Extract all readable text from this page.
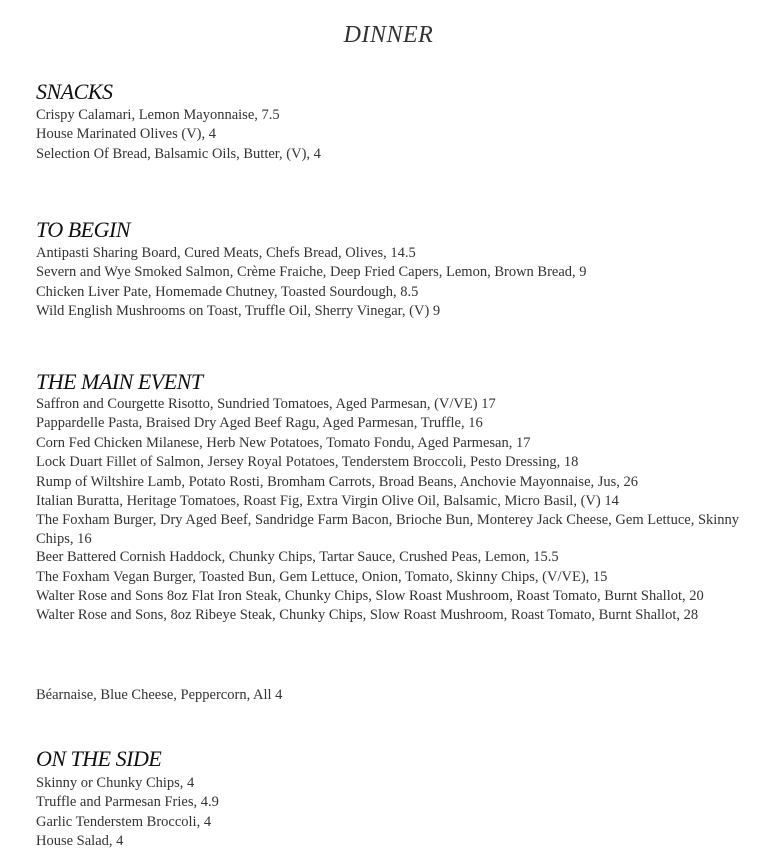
DINNER
SNACKS
Crispy Calamari, Lemon Mayonnaise, 7.5
House Marinated Olives (V), 4
Selection Of Bread, Balsamic Oils, Butter, (V), 4
TO BEGIN
Antipasti Sharing Board, Cured Meats, Chefs Bread, Olives, 14.5
Severn and Wye Smoked Salmon, Crème Fraiche, Deep Fried Capers, Lemon, Brown Bread, 9
Chicken Liver Pate, Homemade Chutney, Toasted Sourdough, 8.5
Wild English Mushrooms on Toast, Truffle Oil, Sherry Vinegar, (V) 9
THE MAIN EVENT
Saffron and Courgette Risotto, Sundried Tomatoes, Aged Parmesan, (V/VE) 17
Pappardelle Pasta, Braised Dry Aged Beef Ragu, Aged Parmesan, Truffle, 16
Corn Fed Chicken Milanese, Herb New Potatoes, Tomato Fondu, Aged Parmesan, 17
Lock Duart Fillet of Salmon, Jersey Royal Potatoes, Tenderstem Broccoli, Pesto Dressing, 18
Rump of Wiltshire Lamb, Potato Rosti, Bromham Carrots, Broad Beans, Anchovie Mayonnaise, Jus, 26
Italian Buratta, Heritage Tomatoes, Roast Fig, Extra Virgin Olive Oil, Balsamic, Micro Basil, (V) 14
The Foxham Burger, Dry Aged Beef, Sandridge Farm Bacon, Brioche Bun, Monterey Jack Cheese, Gem Lettuce, Skinny Chips, 16
Beer Battered Cornish Haddock, Chunky Chips, Tartar Sauce, Crushed Peas, Lemon, 15.5
The Foxham Vegan Burger, Toasted Bun, Gem Lettuce, Onion, Tomato, Skinny Chips, (V/VE), 15
Walter Rose and Sons 8oz Flat Iron Steak, Chunky Chips, Slow Roast Mushroom, Roast Tomato, Burnt Shallot, 20
Walter Rose and Sons, 8oz Ribeye Steak, Chunky Chips, Slow Roast Mushroom, Roast Tomato, Burnt Shallot, 28
Béarnaise, Blue Cheese, Peppercorn, All 4
ON THE SIDE
Skinny or Chunky Chips, 4
Truffle and Parmesan Fries, 4.9
Garlic Tenderstem Broccoli, 4
House Salad, 4
